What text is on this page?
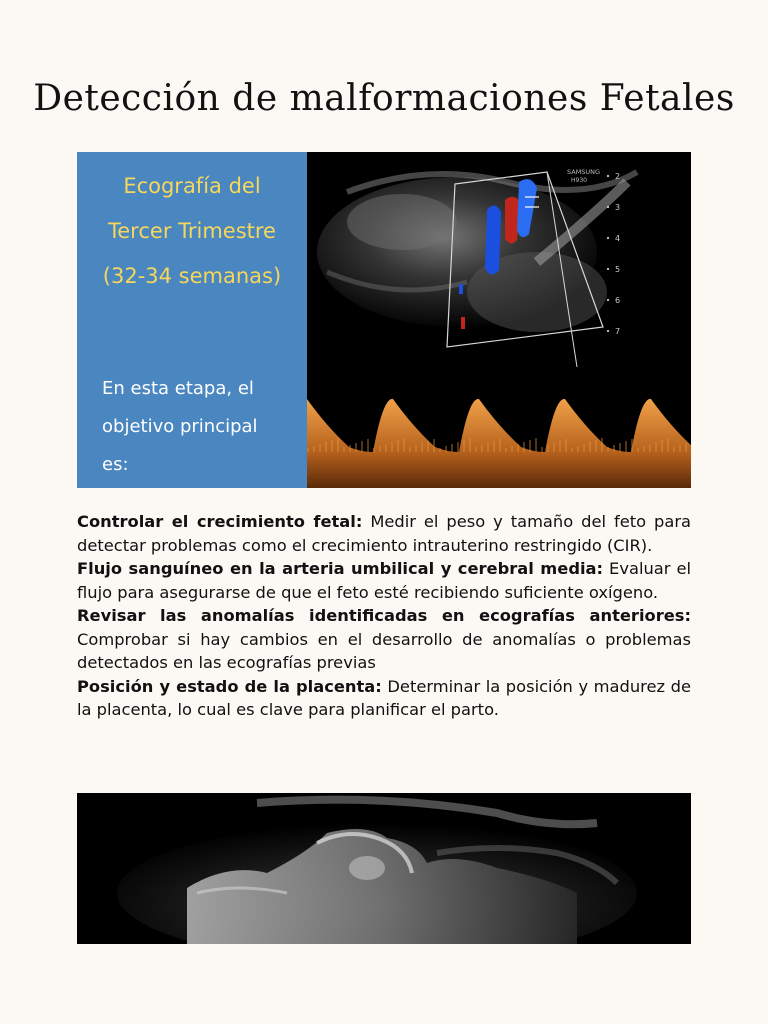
Detección de malformaciones Fetales
Ecografía del
Tercer Trimestre
(32-34 semanas)
En esta etapa, el
objetivo principal
es:
SAMSUNG
H930	2
3
4
5
6
7

Controlar el crecimiento fetal: Medir el peso y tamaño del feto para detectar problemas como el crecimiento intrauterino restringido (CIR).

Flujo sanguíneo en la arteria umbilical y cerebral media: Evaluar el flujo para asegurarse de que el feto esté recibiendo suficiente oxígeno.

Revisar las anomalías identificadas en ecografías anteriores: Comprobar si hay cambios en el desarrollo de anomalías o problemas detectados en las ecografías previas

Posición y estado de la placenta: Determinar la posición y madurez de la placenta, lo cual es clave para planificar el parto.
